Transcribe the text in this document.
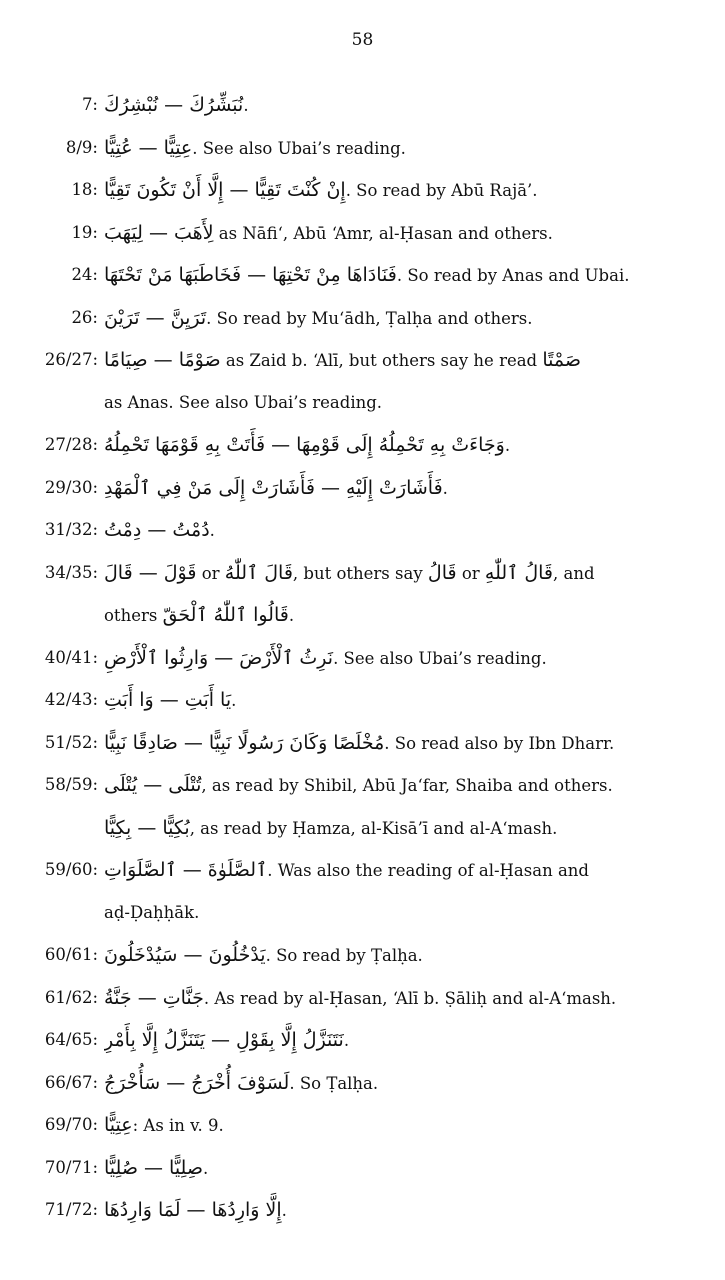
58
7: نُبَشِّرُكَ — نُبْشِرُكَ.
8/9: عِتِيًّا — عُتِيًّا. See also Ubai’s reading.
18: إِنْ كُنْتَ تَقِيًّا — إِلَّا أَنْ تَكُونَ تَقِيًّا. So read by Abū Rajā’.
19: لِأَهَبَ — لِيَهَبَ as Nāfi‘, Abū ‘Amr, al-Ḥasan and others.
24: فَنَادَاهَا مِنْ تَحْتِهَا — فَخَاطَبَهَا مَنْ تَحْتَهَا. So read by Anas and Ubai.
26: تَرَيِنَّ — تَرَيْنَ. So read by Mu‘ādh, Ṭalḥa and others.
26/27: صَوْمًا — صِيَامًا as Zaid b. ‘Alī, but others say he read صَمْتًا
as Anas. See also Ubai’s reading.
27/28: وَجَاءَتْ بِهِ تَحْمِلُهُ إِلَى قَوْمِهَا — فَأَتَتْ بِهِ قَوْمَهَا تَحْمِلُهُ.
29/30: فَأَشَارَتْ إِلَيْهِ — فَأَشَارَتْ إِلَى مَنْ فِي ٱلْمَهْدِ.
31/32: دُمْتُ — دِمْتُ.
34/35: قَوْلَ — قَالَ or قَالَ ٱللّٰهُ, but others say قَالُ or قَالُ ٱللّٰهِ, and
others قَالُوا ٱللّٰهُ ٱلْحَقّ.
40/41: نَرِثُ ٱلْأَرْضَ — وَارِثُوا ٱلْأَرْضِ. See also Ubai’s reading.
42/43: يَا أَبَتِ — وَا أَبَتِ.
51/52: مُخْلَصًا وَكَانَ رَسُولًا نَبِيًّا — صَادِقًا نَبِيًّا. So read also by Ibn Dharr.
58/59: تُتْلَى — يُتْلَى, as read by Shibil, Abū Ja‘far, Shaiba and others.
بُكِيًّا — بِكِيًّا, as read by Ḥamza, al-Kisā’ī and al-A‘mash.
59/60: ٱلصَّلَوٰةَ — ٱلصَّلَوَاتِ. Was also the reading of al-Ḥasan and
aḍ-Ḍaḥḥāk.
60/61: يَدْخُلُونَ — سَيُدْخَلُونَ. So read by Ṭalḥa.
61/62: جَنَّاتِ — جَنَّةُ. As read by al-Ḥasan, ‘Alī b. Ṣāliḥ and al-A‘mash.
64/65: نَتَنَزَّلُ إِلَّا بِقَوْلِ — يَتَنَزَّلُ إِلَّا بِأَمْرِ.
66/67: لَسَوْفَ أُخْرَجُ — سَأُخْرَجُ. So Ṭalḥa.
69/70: عِتِيًّا: As in v. 9.
70/71: صِلِيًّا — صُلِيًّا.
71/72: إِلَّا وَارِدُهَا — لَمَا وَارِدُهَا.
